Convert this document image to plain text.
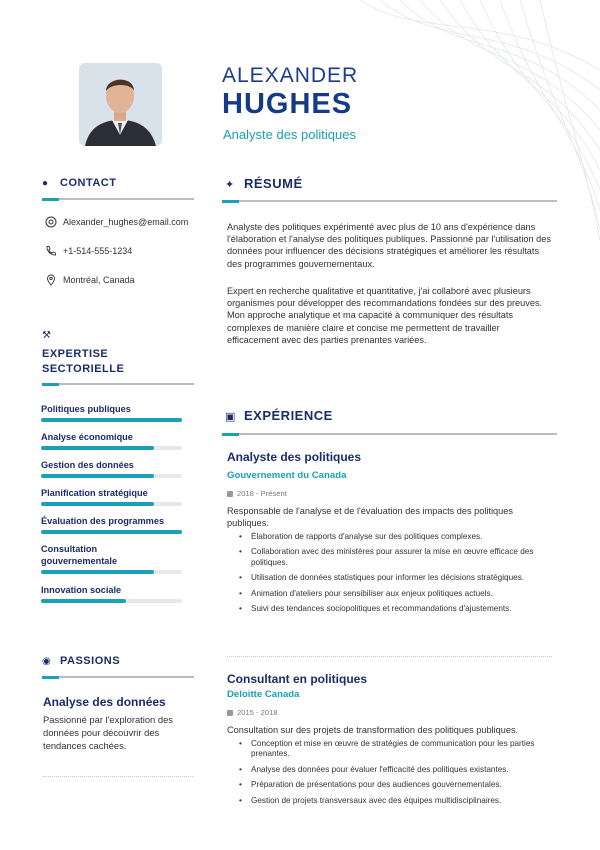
ALEXANDER
HUGHES
Analyste des politiques
● CONTACT
Alexander_hughes@email.com
+1-514-555-1234
Montréal, Canada
⚒
EXPERTISE
SECTORIELLE
Politiques publiques
Analyse économique
Gestion des données
Planification stratégique
Évaluation des programmes
Consultation
gouvernementale
Innovation sociale
◉ PASSIONS
Analyse des données
Passionné par l'exploration des données pour découvrir des tendances cachées.
✦ RÉSUMÉ
Analyste des politiques expérimenté avec plus de 10 ans d'expérience dans l'élaboration et l'analyse des politiques publiques. Passionné par l'utilisation des données pour influencer des décisions stratégiques et améliorer les résultats des programmes gouvernementaux.
Expert en recherche qualitative et quantitative, j'ai collaboré avec plusieurs organismes pour développer des recommandations fondées sur des preuves. Mon approche analytique et ma capacité à communiquer des résultats complexes de manière claire et concise me permettent de travailler efficacement avec des parties prenantes variées.
▣ EXPÉRIENCE
Analyste des politiques
Gouvernement du Canada
2018 - Présent
Responsable de l'analyse et de l'évaluation des impacts des politiques publiques.
• Élaboration de rapports d'analyse sur des politiques complexes.
• Collaboration avec des ministères pour assurer la mise en œuvre efficace des politiques.
• Utilisation de données statistiques pour informer les décisions stratégiques.
• Animation d'ateliers pour sensibiliser aux enjeux politiques actuels.
• Suivi des tendances sociopolitiques et recommandations d'ajustements.
Consultant en politiques
Deloitte Canada
2015 - 2018
Consultation sur des projets de transformation des politiques publiques.
• Conception et mise en œuvre de stratégies de communication pour les parties prenantes.
• Analyse des données pour évaluer l'efficacité des politiques existantes.
• Préparation de présentations pour des audiences gouvernementales.
• Gestion de projets transversaux avec des équipes multidisciplinaires.
